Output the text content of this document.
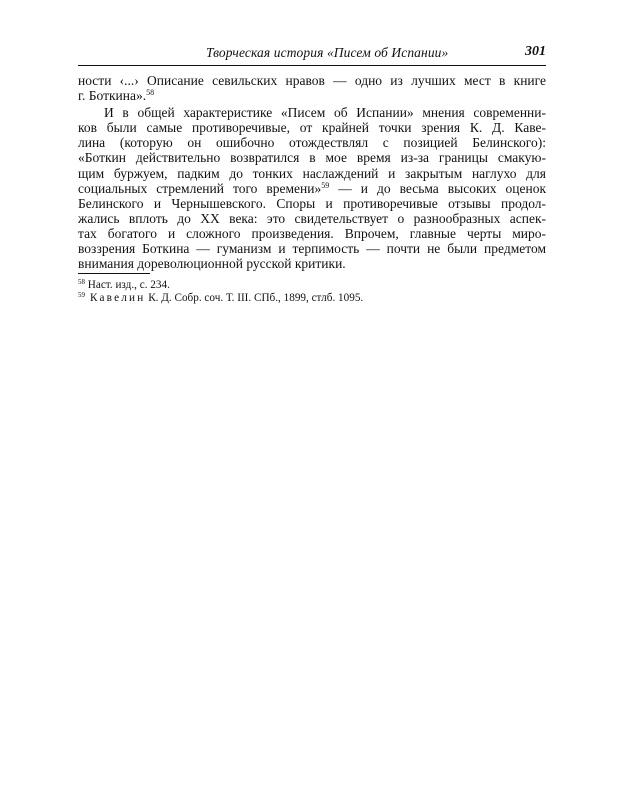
Творческая история «Писем об Испании»	301
ности ‹...› Описание севильских нравов — одно из лучших мест в книге
г. Боткина».$^{58}$
И в общей характеристике «Писем об Испании» мнения современни-
ков были самые противоречивые, от крайней точки зрения К. Д. Каве-
лина (которую он ошибочно отождествлял с позицией Белинского):
«Боткин действительно возвратился в мое время из-за границы смакую-
щим буржуем, падким до тонких наслаждений и закрытым наглухо для
социальных стремлений того времени»$^{59}$ — и до весьма высоких оценок
Белинского и Чернышевского. Споры и противоречивые отзывы продол-
жались вплоть до XX века: это свидетельствует о разнообразных аспек-
тах богатого и сложного произведения. Впрочем, главные черты миро-
воззрения Боткина — гуманизм и терпимость — почти не были предметом
внимания дореволюционной русской критики.
$^{58}$ Наст. изд., с. 234.
$^{59}$ Кавелин К. Д. Собр. соч. Т. III. СПб., 1899, стлб. 1095.
